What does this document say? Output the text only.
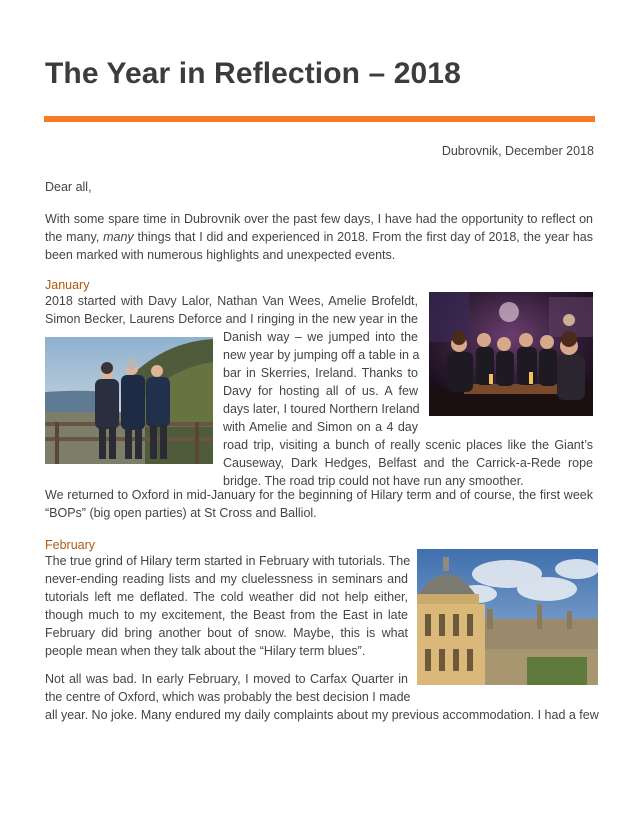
The Year in Reflection – 2018
Dubrovnik, December 2018

Dear all,

With some spare time in Dubrovnik over the past few days, I have had the opportunity to reflect on the many, many things that I did and experienced in 2018. From the first day of 2018, the year has been marked with numerous highlights and unexpected events.

January

2018 started with Davy Lalor, Nathan Van Wees, Amelie Brofeldt,
Simon Becker, Laurens Deforce and I ringing in the new year in the
Danish way – we jumped into the
new year by jumping off a table in a
bar in Skerries, Ireland. Thanks to
Davy for hosting all of us. A few
days later, I toured Northern Ireland
with Amelie and Simon on a 4 day
road trip, visiting a bunch of really scenic places like the Giant’s
Causeway, Dark Hedges, Belfast and the Carrick-a-Rede rope
bridge. The road trip could not have run any smoother.

We returned to Oxford in mid-January for the beginning of Hilary term and of course, the first week “BOPs” (big open parties) at St Cross and Balliol.

February

The true grind of Hilary term started in February with tutorials. The
never-ending reading lists and my cluelessness in seminars and
tutorials left me deflated. The cold weather did not help either,
though much to my excitement, the Beast from the East in late
February did bring another bout of snow. Maybe, this is what
people mean when they talk about the “Hilary term blues”.
Not all was bad. In early February, I moved to Carfax Quarter in
the centre of Oxford, which was probably the best decision I made
all year. No joke. Many endured my daily complaints about my previous accommodation. I had a few
